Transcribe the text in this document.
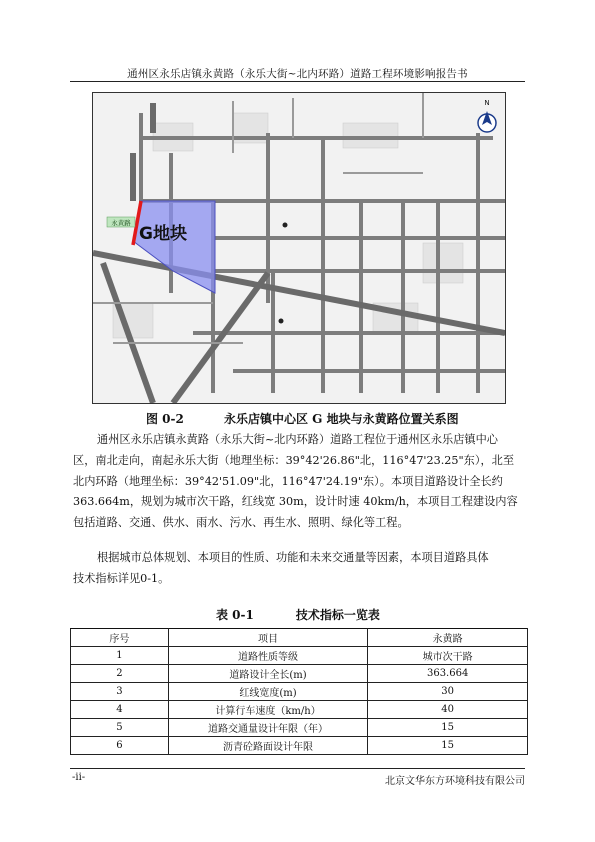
通州区永乐店镇永黄路（永乐大街~北内环路）道路工程环境影响报告书
G地块
永黄路
N
图 0-2	永乐店镇中心区 G 地块与永黄路位置关系图
通州区永乐店镇永黄路（永乐大街~北内环路）道路工程位于通州区永乐店镇中心
区，南北走向，南起永乐大街（地理坐标：39°42'26.86"北，116°47'23.25"东），北至
北内环路（地理坐标：39°42'51.09"北，116°47'24.19"东）。本项目道路设计全长约
363.664m，规划为城市次干路，红线宽 30m，设计时速 40km/h，本项目工程建设内容
包括道路、交通、供水、雨水、污水、再生水、照明、绿化等工程。
根据城市总体规划、本项目的性质、功能和未来交通量等因素，本项目道路具体
技术指标详见0-1。
表 0-1	技术指标一览表
序号	项目	永黄路
1	道路性质等级	城市次干路
2	道路设计全长(m)	363.664
3	红线宽度(m)	30
4	计算行车速度（km/h）	40
5	道路交通量设计年限（年）	15
6	沥青砼路面设计年限	15
-ii-	北京文华东方环境科技有限公司
